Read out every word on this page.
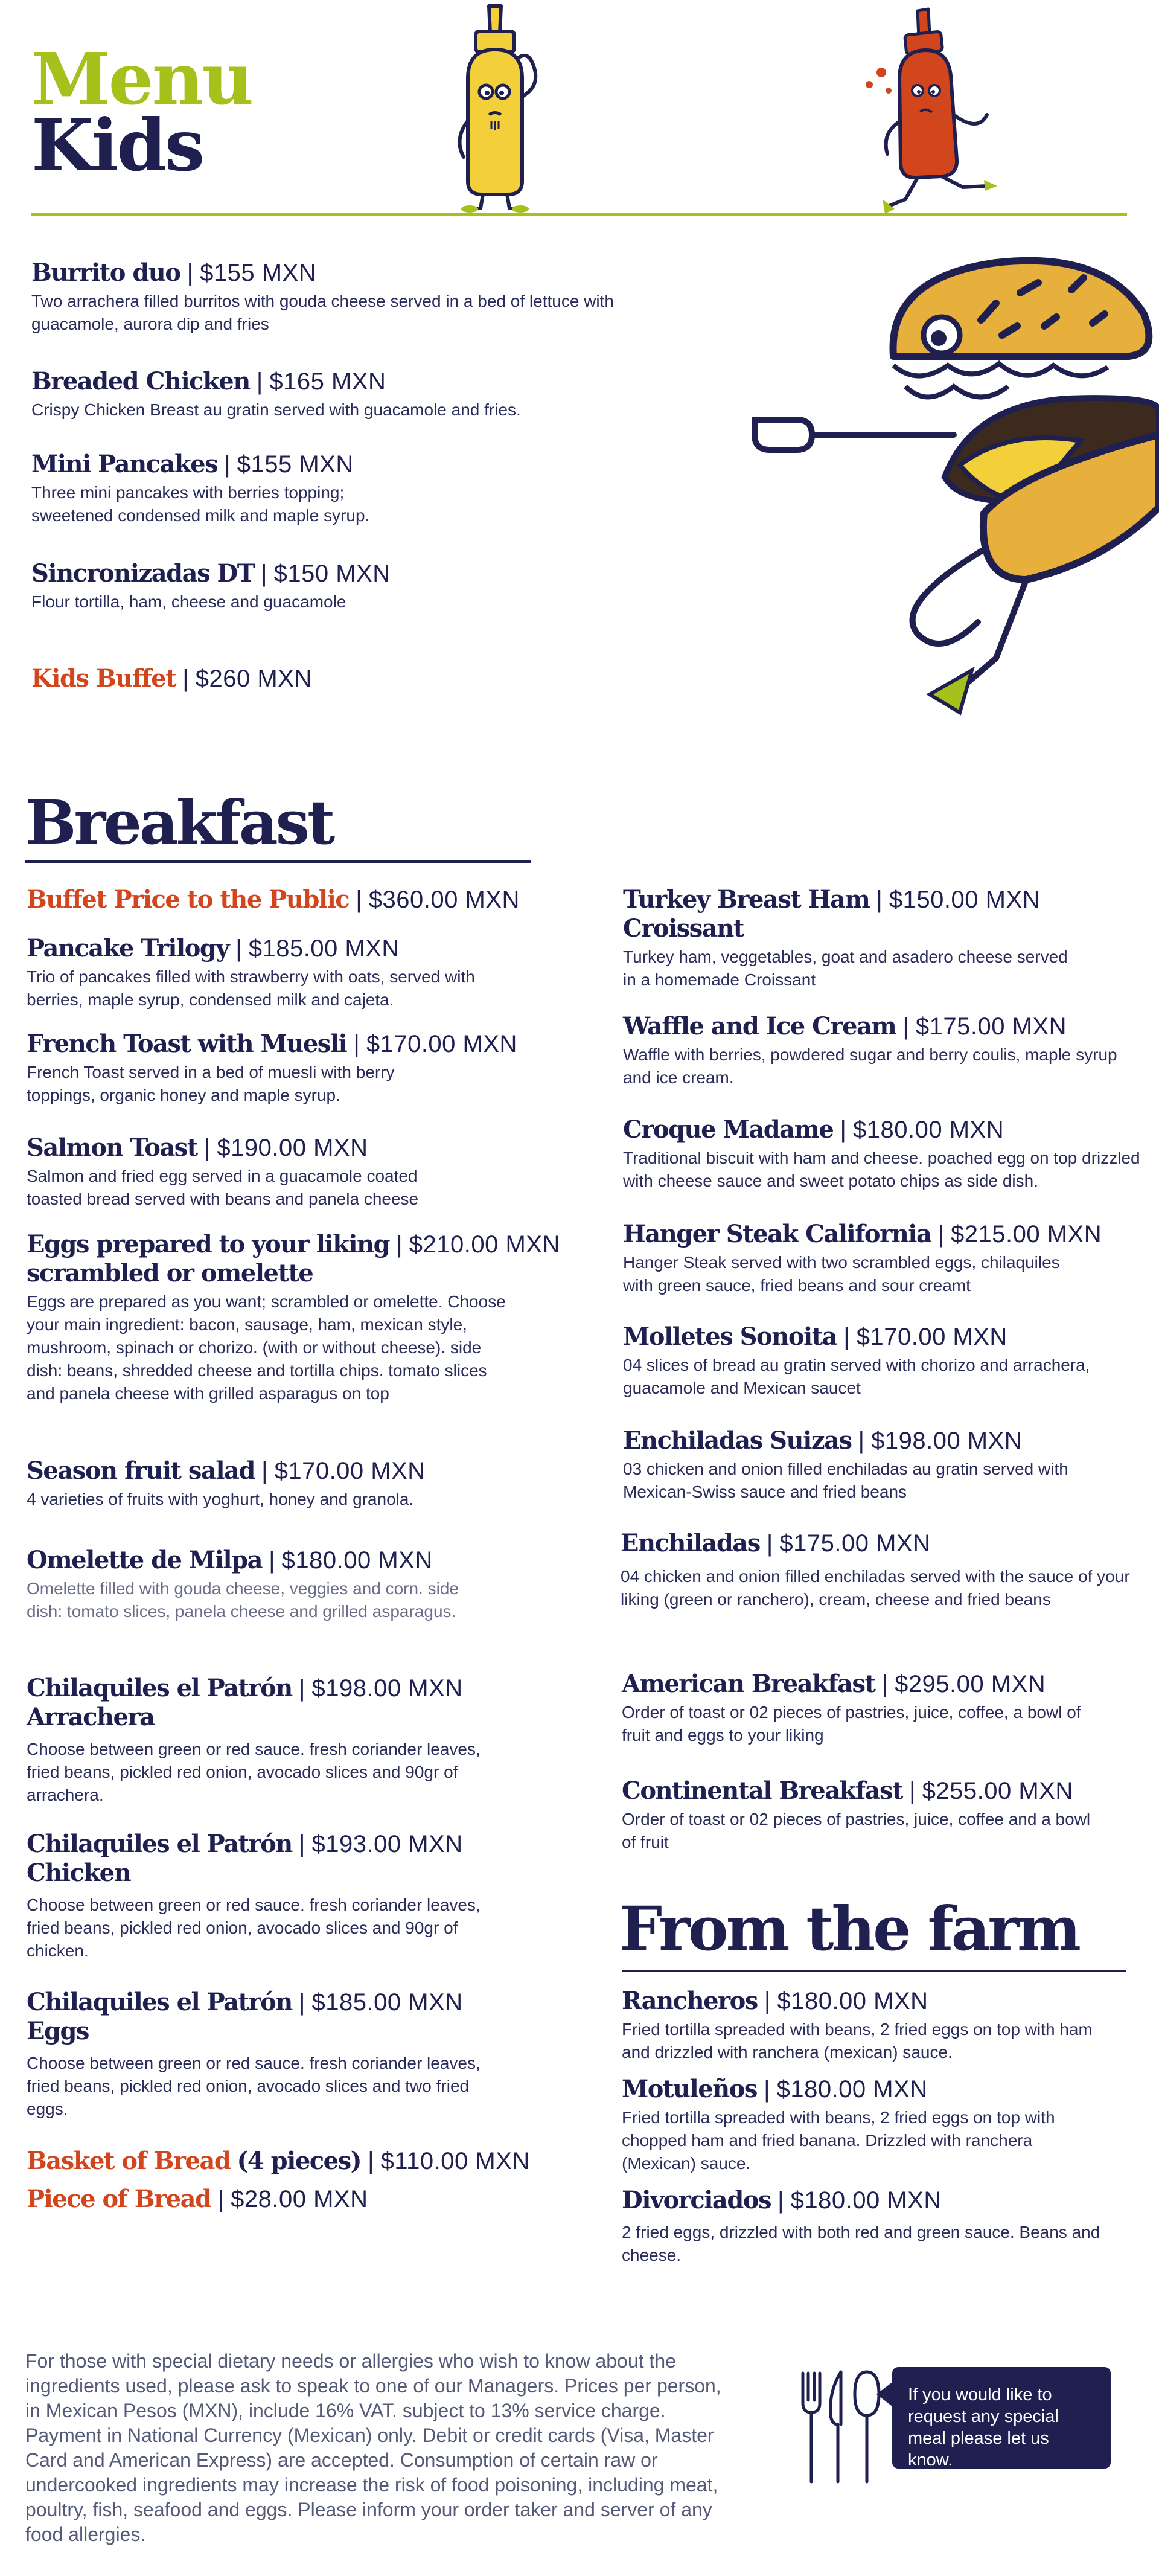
Menu
Kids
Burrito duo | $155 MXN
Two arrachera filled burritos with gouda cheese served in a bed of lettuce with guacamole, aurora dip and fries
Breaded Chicken | $165 MXN
Crispy Chicken Breast au gratin served with guacamole and fries.
Mini Pancakes | $155 MXN
Three mini pancakes with berries topping; sweetened condensed milk and maple syrup.
Sincronizadas DT | $150 MXN
Flour tortilla, ham, cheese and guacamole
Kids Buffet | $260 MXN
Breakfast
Buffet Price to the Public | $360.00 MXN
Pancake Trilogy | $185.00 MXN
Trio of pancakes filled with strawberry with oats, served with berries, maple syrup, condensed milk and cajeta.
French Toast with Muesli | $170.00 MXN
French Toast served in a bed of muesli with berry toppings, organic honey and maple syrup.
Salmon Toast | $190.00 MXN
Salmon and fried egg served in a guacamole coated toasted bread served with beans and panela cheese
Eggs prepared to your liking | $210.00 MXN
scrambled or omelette
Eggs are prepared as you want; scrambled or omelette. Choose your main ingredient: bacon, sausage, ham, mexican style, mushroom, spinach or chorizo. (with or without cheese). side dish: beans, shredded cheese and tortilla chips. tomato slices and panela cheese with grilled asparagus on top
Season fruit salad | $170.00 MXN
4 varieties of fruits with yoghurt, honey and granola.
Omelette de Milpa | $180.00 MXN
Omelette filled with gouda cheese, veggies and corn. side dish: tomato slices, panela cheese and grilled asparagus.
Chilaquiles el Patrón | $198.00 MXN
Arrachera
Choose between green or red sauce. fresh coriander leaves, fried beans, pickled red onion, avocado slices and 90gr of arrachera.
Chilaquiles el Patrón | $193.00 MXN
Chicken
Choose between green or red sauce. fresh coriander leaves, fried beans, pickled red onion, avocado slices and 90gr of chicken.
Chilaquiles el Patrón | $185.00 MXN
Eggs
Choose between green or red sauce. fresh coriander leaves, fried beans, pickled red onion, avocado slices and two fried eggs.
Basket of Bread (4 pieces) | $110.00 MXN
Piece of Bread | $28.00 MXN
Turkey Breast Ham | $150.00 MXN
Croissant
Turkey ham, veggetables, goat and asadero cheese served in a homemade Croissant
Waffle and Ice Cream | $175.00 MXN
Waffle with berries, powdered sugar and berry coulis, maple syrup and ice cream.
Croque Madame | $180.00 MXN
Traditional biscuit with ham and cheese. poached egg on top drizzled with cheese sauce and sweet potato chips as side dish.
Hanger Steak California | $215.00 MXN
Hanger Steak served with two scrambled eggs, chilaquiles with green sauce, fried beans and sour creamt
Molletes Sonoita | $170.00 MXN
04 slices of bread au gratin served with chorizo and arrachera, guacamole and Mexican saucet
Enchiladas Suizas | $198.00 MXN
03 chicken and onion filled enchiladas au gratin served with Mexican-Swiss sauce and fried beans
Enchiladas | $175.00 MXN
04 chicken and onion filled enchiladas served with the sauce of your liking (green or ranchero), cream, cheese and fried beans
American Breakfast | $295.00 MXN
Order of toast or 02 pieces of pastries, juice, coffee, a bowl of fruit and eggs to your liking
Continental Breakfast | $255.00 MXN
Order of toast or 02 pieces of pastries, juice, coffee and a bowl of fruit
From the farm
Rancheros | $180.00 MXN
Fried tortilla spreaded with beans, 2 fried eggs on top with ham and drizzled with ranchera (mexican) sauce.
Motuleños | $180.00 MXN
Fried tortilla spreaded with beans, 2 fried eggs on top with chopped ham and fried banana. Drizzled with ranchera (Mexican) sauce.
Divorciados | $180.00 MXN
2 fried eggs, drizzled with both red and green sauce. Beans and cheese.
For those with special dietary needs or allergies who wish to know about the ingredients used, please ask to speak to one of our Managers. Prices per person, in Mexican Pesos (MXN), include 16% VAT. subject to 13% service charge. Payment in National Currency (Mexican) only. Debit or credit cards (Visa, Master Card and American Express) are accepted. Consumption of certain raw or undercooked ingredients may increase the risk of food poisoning, including meat, poultry, fish, seafood and eggs. Please inform your order taker and server of any food allergies.
If you would like to request any special meal please let us know.
